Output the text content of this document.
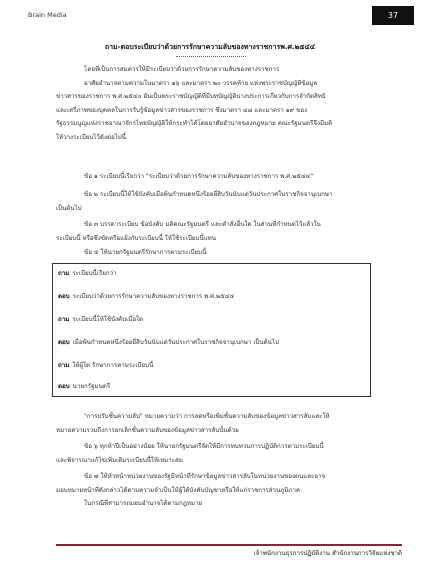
Brain Media	37
ถาม-ตอบระเบียบว่าด้วยการรักษาความลับของทางราชการพ.ศ.๒๕๔๔
โดยที่เป็นการสมควรให้มีระเบียบว่าด้วยการรักษาความลับของทางราชการ
อาศัยอำนาจตามความในมาตรา ๑๖ และมาตรา ๒๐ วรรคท้าย แห่งพระราชบัญญัติข้อมูล
ข่าวสารของราชการ พ.ศ.๒๕๔๐ อันเป็นพระราชบัญญัติที่มีบทบัญญัติบางประการเกี่ยวกับการจำกัดสิทธิ
และเสรีภาพของบุคคลในการรับรู้ข้อมูลข่าวสารของราชการ ซึ่งมาตรา ๔๘ และมาตรา ๑๙ ของ
รัฐธรรมนูญแห่งราชอาณาจักรไทยบัญญัติให้กระทำได้โดยอาศัยอำนาจของกฎหมาย คณะรัฐมนตรีจึงมีมติ
ให้วางระเบียบไว้ดังต่อไปนี้
ข้อ ๑ ระเบียบนี้เรียกว่า "ระเบียบว่าด้วยการรักษาความลับของทางราชการ พ.ศ.๒๕๔๔"
ข้อ ๒ ระเบียบนี้ให้ใช้บังคับเมื่อพ้นกำหนดหนึ่งร้อยยี่สิบวันนับแต่วันประกาศในราชกิจจานุเบกษา
เป็นต้นไป
ข้อ ๓ บรรดาระเบียบ ข้อบังคับ มติคณะรัฐมนตรี และคำสั่งอื่นใด ในส่วนที่กำหนดไว้แล้วใน
ระเบียบนี้ หรือซึ่งขัดหรือแย้งกับระเบียบนี้ ให้ใช้ระเบียบนี้แทน
ข้อ ๔ ให้นายกรัฐมนตรีรักษาการตามระเบียบนี้
ถาม ระเบียบนี้เรียกว่า
ตอบ ระเบียบว่าด้วยการรักษาความลับของทางราชการ พ.ศ.๒๕๔๔
ถาม ระเบียบนี้ให้ใช้บังคับเมื่อใด
ตอบ เมื่อพ้นกำหนดหนึ่งร้อยยี่สิบวันนับแต่วันประกาศในราชกิจจานุเบกษา เป็นต้นไป
ถาม ให้ผู้ใด รักษาการตามระเบียบนี้
ตอบ นายกรัฐมนตรี
"การปรับชั้นความลับ" หมายความว่า การลดหรือเพิ่มชั้นความลับของข้อมูลข่าวสารลับและให้
หมายความรวมถึงการยกเลิกชั้นความลับของข้อมูลข่าวสารลับนั้นด้วย
ข้อ ๖ ทุกห้าปีเป็นอย่างน้อย ให้นายกรัฐมนตรีจัดให้มีการทบทวนการปฏิบัติการตามระเบียบนี้
และพิจารณาแก้ไขเพิ่มเติมระเบียบนี้ให้เหมาะสม
ข้อ ๗ ให้หัวหน้าหน่วยงานของรัฐมีหน้าที่รักษาข้อมูลข่าวสารลับในหน่วยงานของตนและอาจ
มอบหมายหน้าที่ดังกล่าวได้ตามความจำเป็นให้ผู้ใต้บังคับบัญชาหรือให้แก่ราชการส่วนภูมิภาค
ในกรณีที่สามารถมอบอำนาจได้ตามกฎหมาย
เจ้าพนักงานธุรการปฏิบัติงาน สำนักงานการวิจัยแห่งชาติ
